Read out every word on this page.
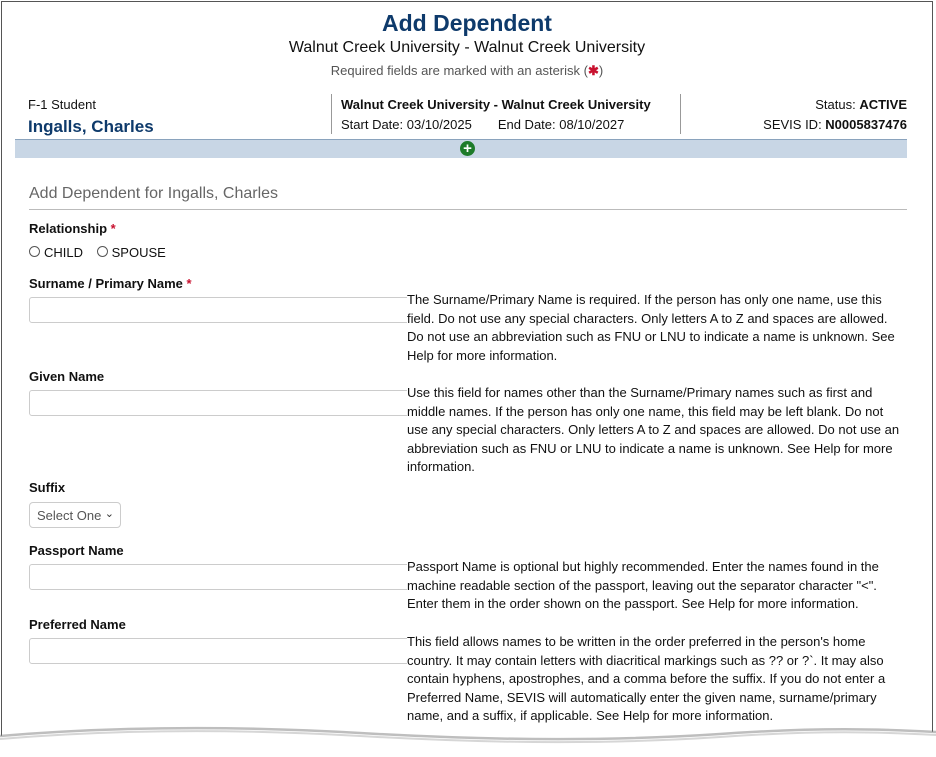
Add Dependent
Walnut Creek University - Walnut Creek University
Required fields are marked with an asterisk (✱)
F-1 Student
Ingalls, Charles
Walnut Creek University - Walnut Creek University
Start Date: 03/10/2025 End Date: 08/10/2027
Status: ACTIVE
SEVIS ID: N0005837476
+
Add Dependent for Ingalls, Charles
Relationship *
CHILD SPOUSE
Surname / Primary Name *
The Surname/Primary Name is required. If the person has only one name, use this field. Do not use any special characters. Only letters A to Z and spaces are allowed. Do not use an abbreviation such as FNU or LNU to indicate a name is unknown. See Help for more information.
Given Name
Use this field for names other than the Surname/Primary names such as first and middle names. If the person has only one name, this field may be left blank. Do not use any special characters. Only letters A to Z and spaces are allowed. Do not use an abbreviation such as FNU or LNU to indicate a name is unknown. See Help for more information.
Suffix
Select One ⌄
Passport Name
Passport Name is optional but highly recommended. Enter the names found in the machine readable section of the passport, leaving out the separator character "<". Enter them in the order shown on the passport. See Help for more information.
Preferred Name
This field allows names to be written in the order preferred in the person's home country. It may contain letters with diacritical markings such as ?? or ?`. It may also contain hyphens, apostrophes, and a comma before the suffix. If you do not enter a Preferred Name, SEVIS will automatically enter the given name, surname/primary name, and a suffix, if applicable. See Help for more information.
